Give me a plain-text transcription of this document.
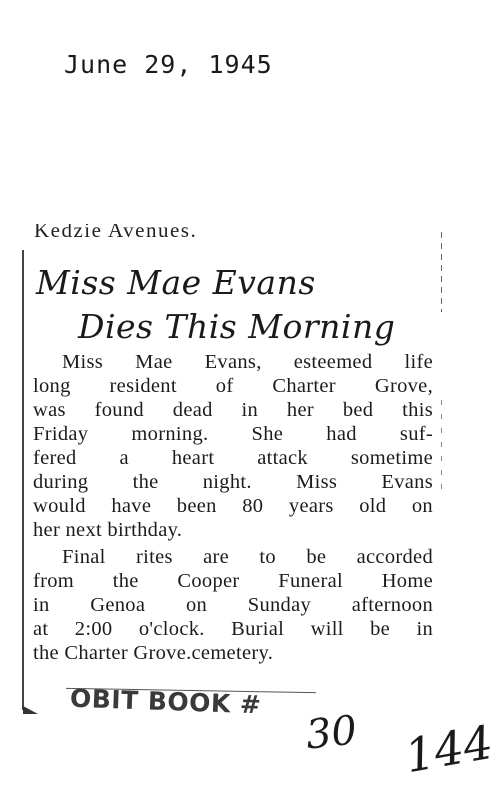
June 29, 1945
Kedzie Avenues.
Miss Mae Evans
Dies This Morning
Miss Mae Evans, esteemed life
long resident of Charter Grove,
was found dead in her bed this
Friday morning. She had suf-
fered a heart attack sometime
during the night. Miss Evans
would have been 80 years old on
her next birthday.
Final rites are to be accorded
from the Cooper Funeral Home
in Genoa on Sunday afternoon
at 2:00 o'clock. Burial will be in
the Charter Grove.cemetery.
OBIT BOOK #
30 144
